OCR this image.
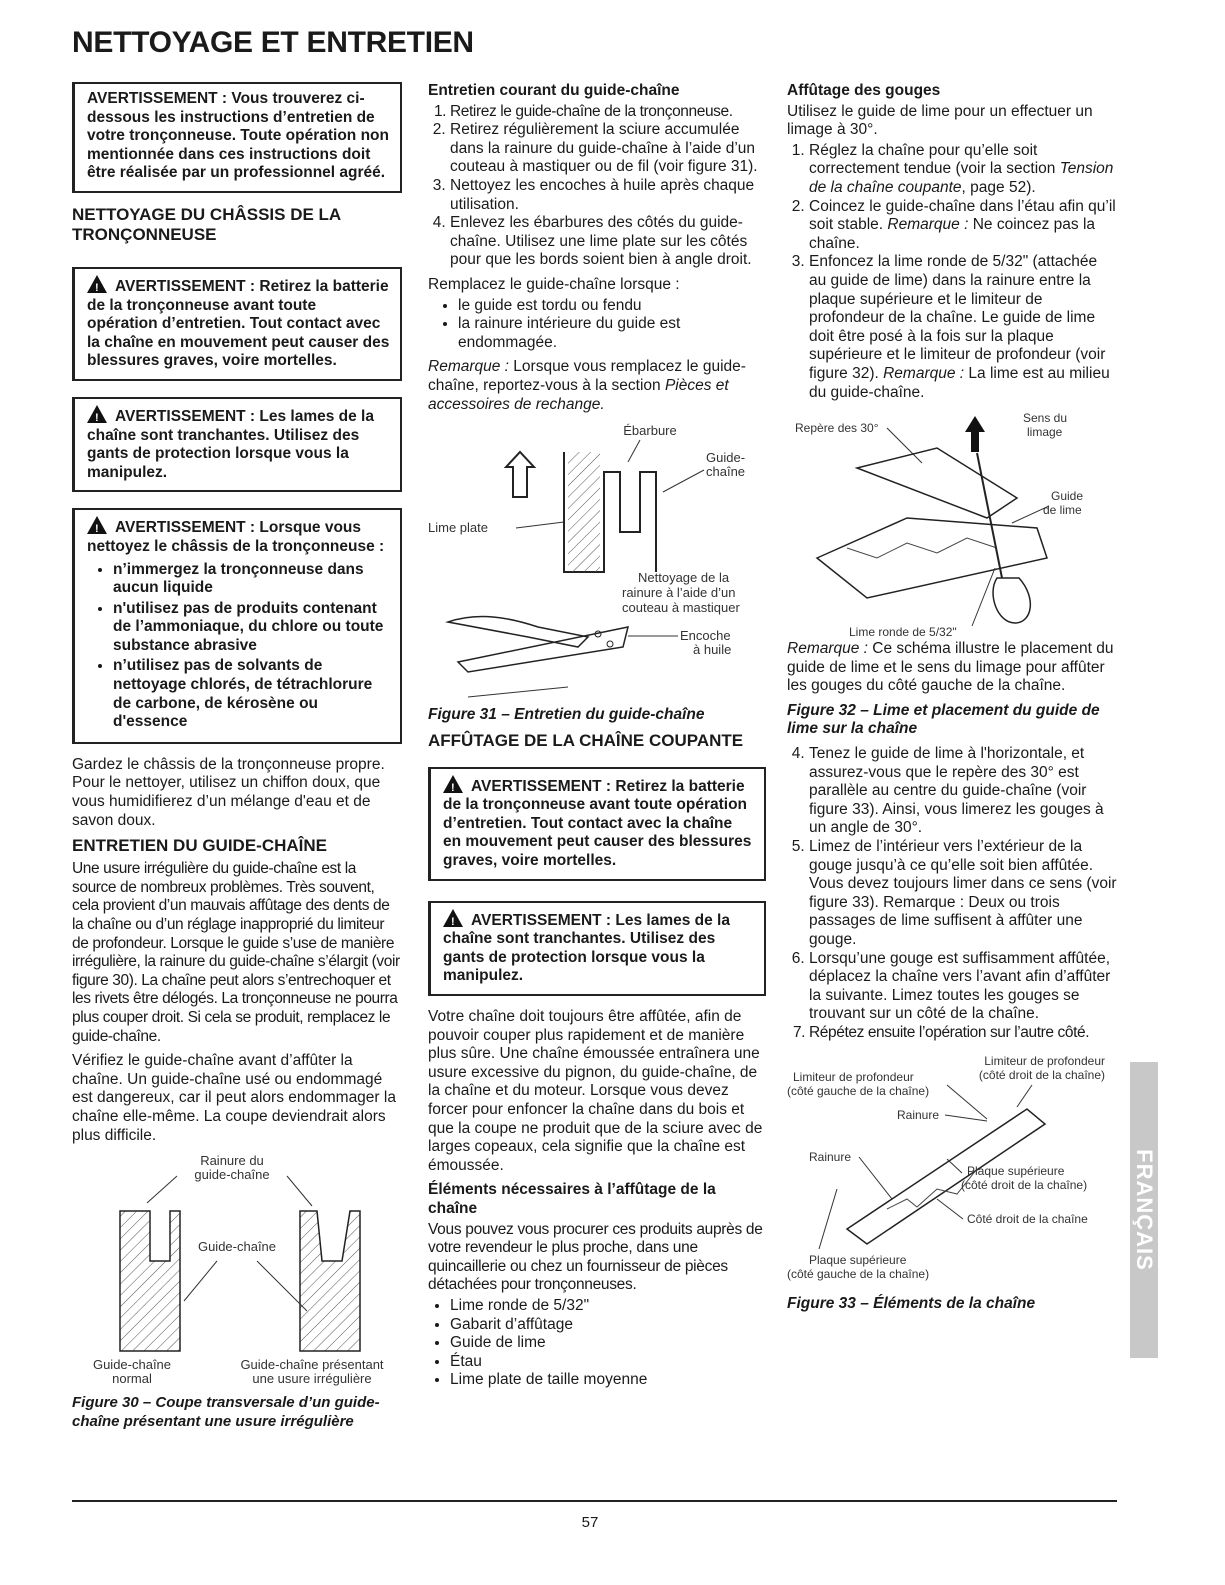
NETTOYAGE ET ENTRETIEN
AVERTISSEMENT : Vous trouverez ci-dessous les instructions d’entretien de votre tronçonneuse. Toute opération non mentionnée dans ces instructions doit être réalisée par un professionnel agréé.
NETTOYAGE DU CHÂSSIS DE LA TRONÇONNEUSE
!AVERTISSEMENT : Retirez la batterie de la tronçonneuse avant toute opération d’entretien. Tout contact avec la chaîne en mouvement peut causer des blessures graves, voire mortelles.
!AVERTISSEMENT : Les lames de la chaîne sont tranchantes. Utilisez des gants de protection lorsque vous la manipulez.
!AVERTISSEMENT : Lorsque vous nettoyez le châssis de la tronçonneuse :
• n’immergez la tronçonneuse dans aucun liquide
• n'utilisez pas de produits contenant de l’ammoniaque, du chlore ou toute substance abrasive
• n’utilisez pas de solvants de nettoyage chlorés, de tétrachlorure de carbone, de kérosène ou d'essence

Gardez le châssis de la tronçonneuse propre. Pour le nettoyer, utilisez un chiffon doux, que vous humidifierez d’un mélange d'eau et de savon doux.

ENTRETIEN DU GUIDE-CHAÎNE

Une usure irrégulière du guide-chaîne est la source de nombreux problèmes. Très souvent, cela provient d’un mauvais affûtage des dents de la chaîne ou d’un réglage inapproprié du limiteur de profondeur. Lorsque le guide s’use de manière irrégulière, la rainure du guide-chaîne s’élargit (voir figure 30). La chaîne peut alors s’entrechoquer et les rivets être délogés. La tronçonneuse ne pourra plus couper droit. Si cela se produit, remplacez le guide-chaîne.

Vérifiez le guide-chaîne avant d’affûter la chaîne. Un guide-chaîne usé ou endommagé est dangereux, car il peut alors endommager la chaîne elle-même. La coupe deviendrait alors plus difficile.

Rainure du
guide-chaîne
Guide-chaîne
Guide-chaîne
normal
Guide-chaîne présentant
une usure irrégulière
Figure 30 – Coupe transversale d’un guide-chaîne présentant une usure irrégulière
Entretien courant du guide-chaîne
1. Retirez le guide-chaîne de la tronçonneuse.
2. Retirez régulièrement la sciure accumulée dans la rainure du guide-chaîne à l’aide d’un couteau à mastiquer ou de fil (voir figure 31).
3. Nettoyez les encoches à huile après chaque utilisation.
4. Enlevez les ébarbures des côtés du guide-chaîne. Utilisez une lime plate sur les côtés pour que les bords soient bien à angle droit.

Remplacez le guide-chaîne lorsque :

• le guide est tordu ou fendu
• la rainure intérieure du guide est endommagée.

Remarque : Lorsque vous remplacez le guide-chaîne, reportez-vous à la section Pièces et accessoires de rechange.

Ébarbure
Guide-
chaîne
Lime plate
Nettoyage de la
rainure à l’aide d’un
couteau à mastiquer
Encoche
à huile
Figure 31 – Entretien du guide-chaîne
AFFÛTAGE DE LA CHAÎNE COUPANTE
!AVERTISSEMENT : Retirez la batterie de la tronçonneuse avant toute opération d’entretien. Tout contact avec la chaîne en mouvement peut causer des blessures graves, voire mortelles.
!AVERTISSEMENT : Les lames de la chaîne sont tranchantes. Utilisez des gants de protection lorsque vous la manipulez.

Votre chaîne doit toujours être affûtée, afin de pouvoir couper plus rapidement et de manière plus sûre. Une chaîne émoussée entraînera une usure excessive du pignon, du guide-chaîne, de la chaîne et du moteur. Lorsque vous devez forcer pour enfoncer la chaîne dans du bois et que la coupe ne produit que de la sciure avec de larges copeaux, cela signifie que la chaîne est émoussée.

Éléments nécessaires à l’affûtage de la chaîne

Vous pouvez vous procurer ces produits auprès de votre revendeur le plus proche, dans une quincaillerie ou chez un fournisseur de pièces détachées pour tronçonneuses.

• Lime ronde de 5/32"
• Gabarit d’affûtage
• Guide de lime
• Étau
• Lime plate de taille moyenne
Affûtage des gouges

Utilisez le guide de lime pour un effectuer un limage à 30°.

1. Réglez la chaîne pour qu’elle soit correctement tendue (voir la section Tension de la chaîne coupante, page 52).
2. Coincez le guide-chaîne dans l’étau afin qu’il soit stable. Remarque : Ne coincez pas la chaîne.
3. Enfoncez la lime ronde de 5/32" (attachée au guide de lime) dans la rainure entre la plaque supérieure et le limiteur de profondeur de la chaîne. Le guide de lime doit être posé à la fois sur la plaque supérieure et le limiteur de profondeur (voir figure 32). Remarque : La lime est au milieu du guide-chaîne.
Repère des 30°
Sens du
limage
Guide
de lime
Lime ronde de 5/32"

Remarque : Ce schéma illustre le placement du guide de lime et le sens du limage pour affûter les gouges du côté gauche de la chaîne.

Figure 32 – Lime et placement du guide de lime sur la chaîne
4. Tenez le guide de lime à l'horizontale, et assurez-vous que le repère des 30° est parallèle au centre du guide-chaîne (voir figure 33). Ainsi, vous limerez les gouges à un angle de 30°.
5. Limez de l’intérieur vers l’extérieur de la gouge jusqu’à ce qu’elle soit bien affûtée. Vous devez toujours limer dans ce sens (voir figure 33). Remarque : Deux ou trois passages de lime suffisent à affûter une gouge.
6. Lorsqu’une gouge est suffisamment affûtée, déplacez la chaîne vers l’avant afin d’affûter la suivante. Limez toutes les gouges se trouvant sur un côté de la chaîne.
7. Répétez ensuite l’opération sur l’autre côté.
Limiteur de profondeur
(côté droit de la chaîne)
Limiteur de profondeur
(côté gauche de la chaîne)
Rainure
Rainure
Plaque supérieure
(côté droit de la chaîne)
Côté droit de la chaîne
Plaque supérieure
(côté gauche de la chaîne)
Figure 33 – Éléments de la chaîne
FRANÇAIS
57
